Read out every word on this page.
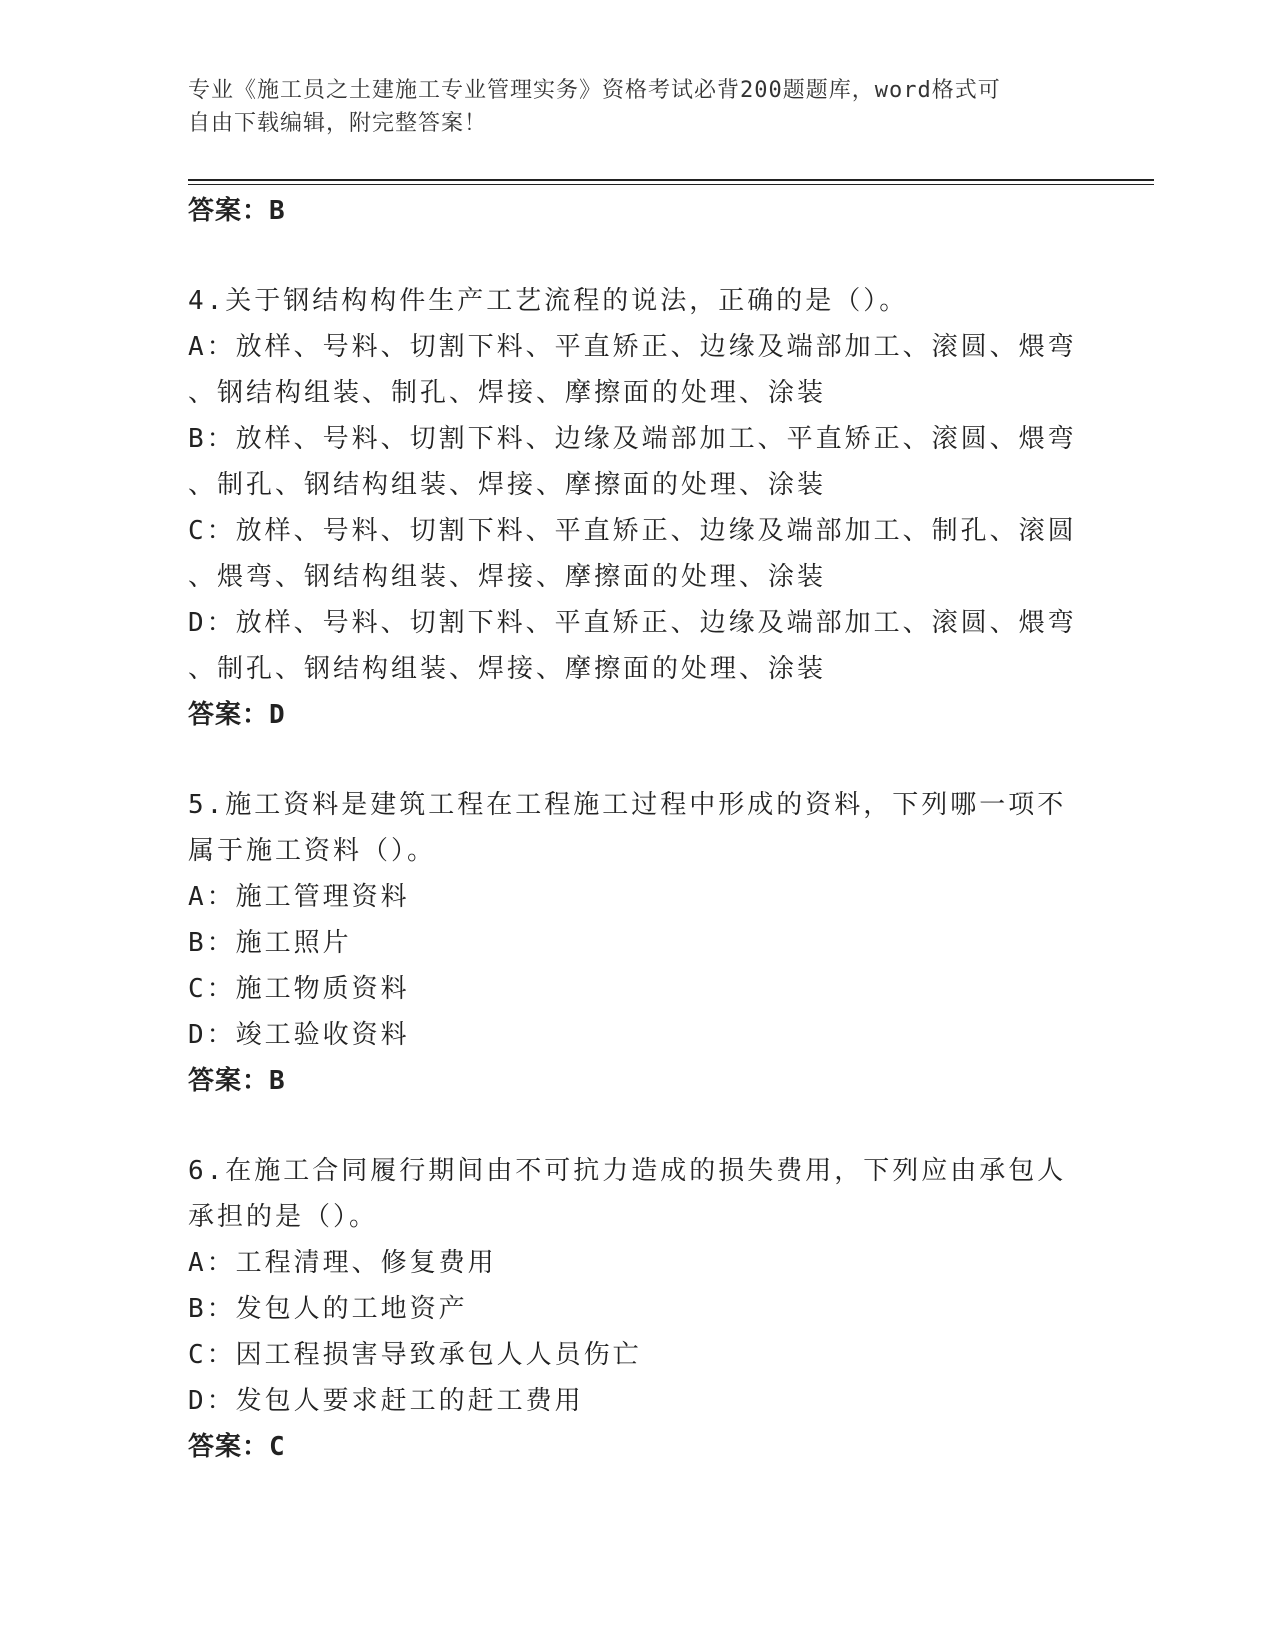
专业《施工员之土建施工专业管理实务》资格考试必背200题题库，word格式可
自由下载编辑，附完整答案！
答案：B
4.关于钢结构构件生产工艺流程的说法，正确的是（）。
A：放样、号料、切割下料、平直矫正、边缘及端部加工、滚圆、煨弯
、钢结构组装、制孔、焊接、摩擦面的处理、涂装
B：放样、号料、切割下料、边缘及端部加工、平直矫正、滚圆、煨弯
、制孔、钢结构组装、焊接、摩擦面的处理、涂装
C：放样、号料、切割下料、平直矫正、边缘及端部加工、制孔、滚圆
、煨弯、钢结构组装、焊接、摩擦面的处理、涂装
D：放样、号料、切割下料、平直矫正、边缘及端部加工、滚圆、煨弯
、制孔、钢结构组装、焊接、摩擦面的处理、涂装
答案：D
5.施工资料是建筑工程在工程施工过程中形成的资料，下列哪一项不
属于施工资料（）。
A：施工管理资料
B：施工照片
C：施工物质资料
D：竣工验收资料
答案：B
6.在施工合同履行期间由不可抗力造成的损失费用，下列应由承包人
承担的是（）。
A：工程清理、修复费用
B：发包人的工地资产
C：因工程损害导致承包人人员伤亡
D：发包人要求赶工的赶工费用
答案：C
